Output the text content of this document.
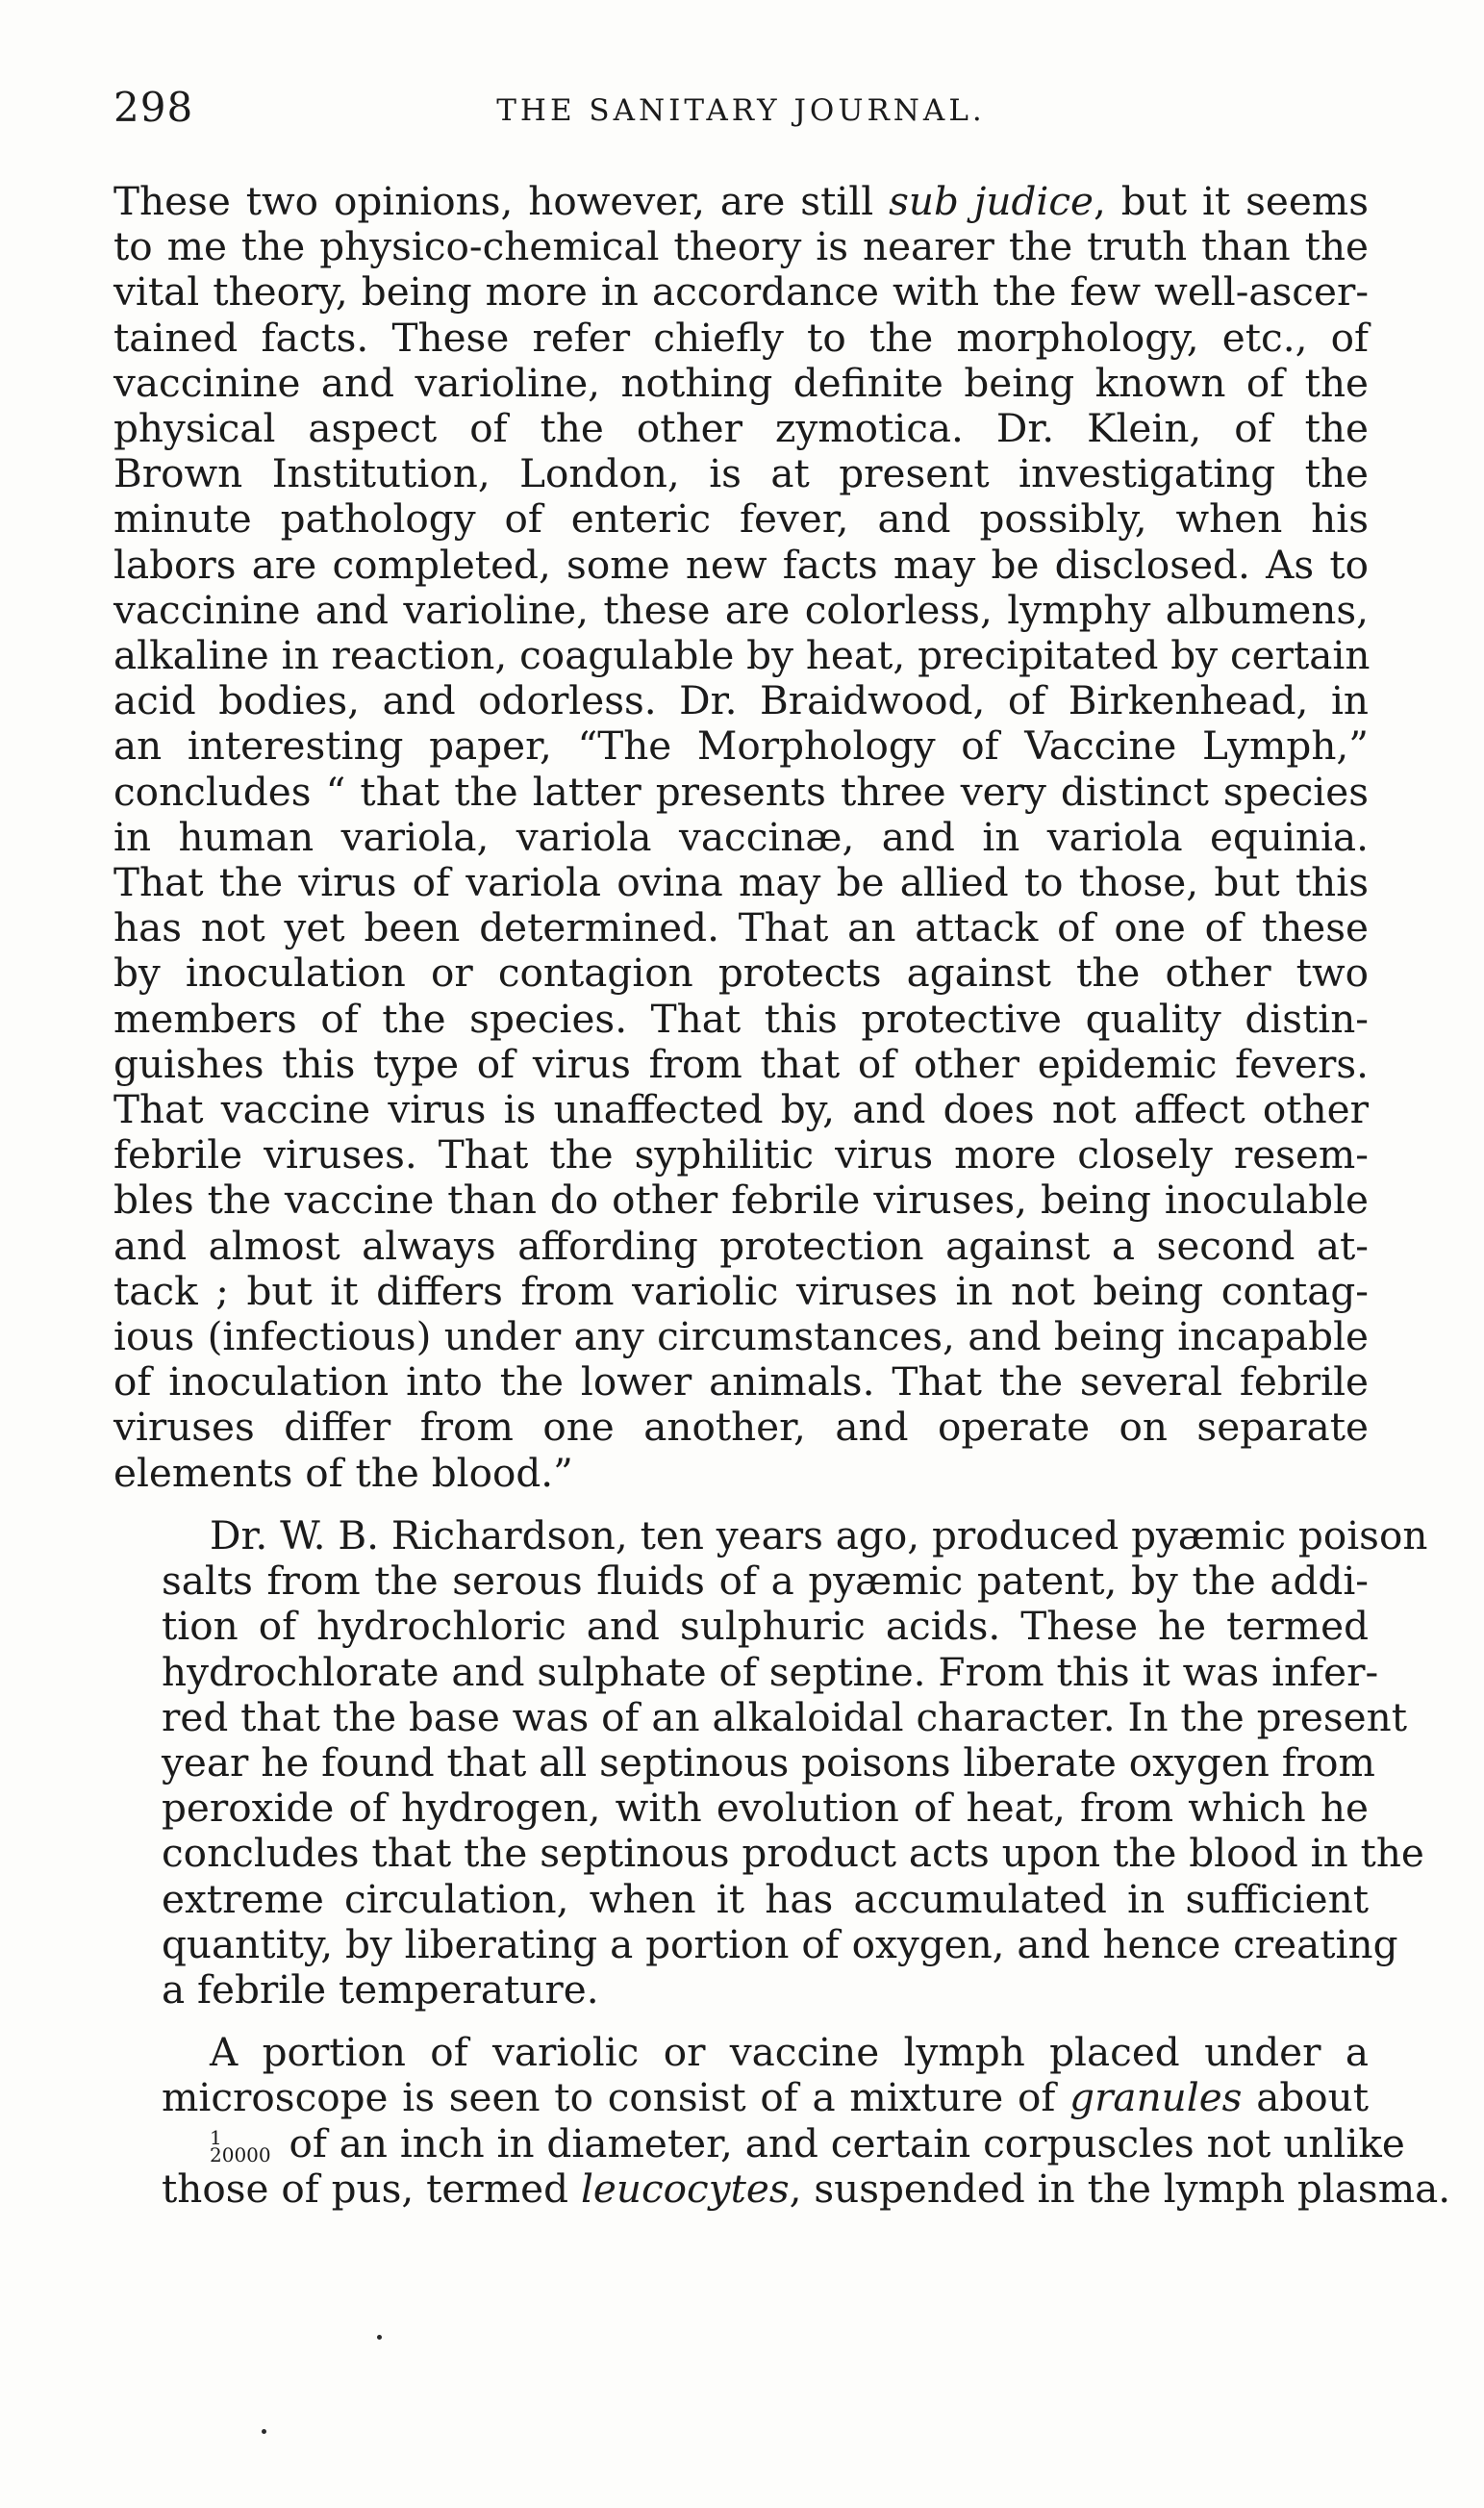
298	THE SANITARY JOURNAL.
These two opinions, however, are still sub judice, but it seems
to me the physico-chemical theory is nearer the truth than the
vital theory, being more in accordance with the few well-ascer-
tained facts. These refer chiefly to the morphology, etc., of
vaccinine and varioline, nothing definite being known of the
physical aspect of the other zymotica. Dr. Klein, of the
Brown Institution, London, is at present investigating the
minute pathology of enteric fever, and possibly, when his
labors are completed, some new facts may be disclosed. As to
vaccinine and varioline, these are colorless, lymphy albumens,
alkaline in reaction, coagulable by heat, precipitated by certain
acid bodies, and odorless. Dr. Braidwood, of Birkenhead, in
an interesting paper, “The Morphology of Vaccine Lymph,”
concludes “ that the latter presents three very distinct species
in human variola, variola vaccinæ, and in variola equinia.
That the virus of variola ovina may be allied to those, but this
has not yet been determined. That an attack of one of these
by inoculation or contagion protects against the other two
members of the species. That this protective quality distin-
guishes this type of virus from that of other epidemic fevers.
That vaccine virus is unaffected by, and does not affect other
febrile viruses. That the syphilitic virus more closely resem-
bles the vaccine than do other febrile viruses, being inoculable
and almost always affording protection against a second at-
tack ; but it differs from variolic viruses in not being contag-
ious (infectious) under any circumstances, and being incapable
of inoculation into the lower animals. That the several febrile
viruses differ from one another, and operate on separate
elements of the blood.”
Dr. W. B. Richardson, ten years ago, produced pyæmic poison
salts from the serous fluids of a pyæmic patent, by the addi-
tion of hydrochloric and sulphuric acids. These he termed
hydrochlorate and sulphate of septine. From this it was infer-
red that the base was of an alkaloidal character. In the present
year he found that all septinous poisons liberate oxygen from
peroxide of hydrogen, with evolution of heat, from which he
concludes that the septinous product acts upon the blood in the
extreme circulation, when it has accumulated in sufficient
quantity, by liberating a portion of oxygen, and hence creating
a febrile temperature.
A portion of variolic or vaccine lymph placed under a
microscope is seen to consist of a mixture of granules about
1
20000 of an inch in diameter, and certain corpuscles not unlike
those of pus, termed leucocytes, suspended in the lymph plasma.
